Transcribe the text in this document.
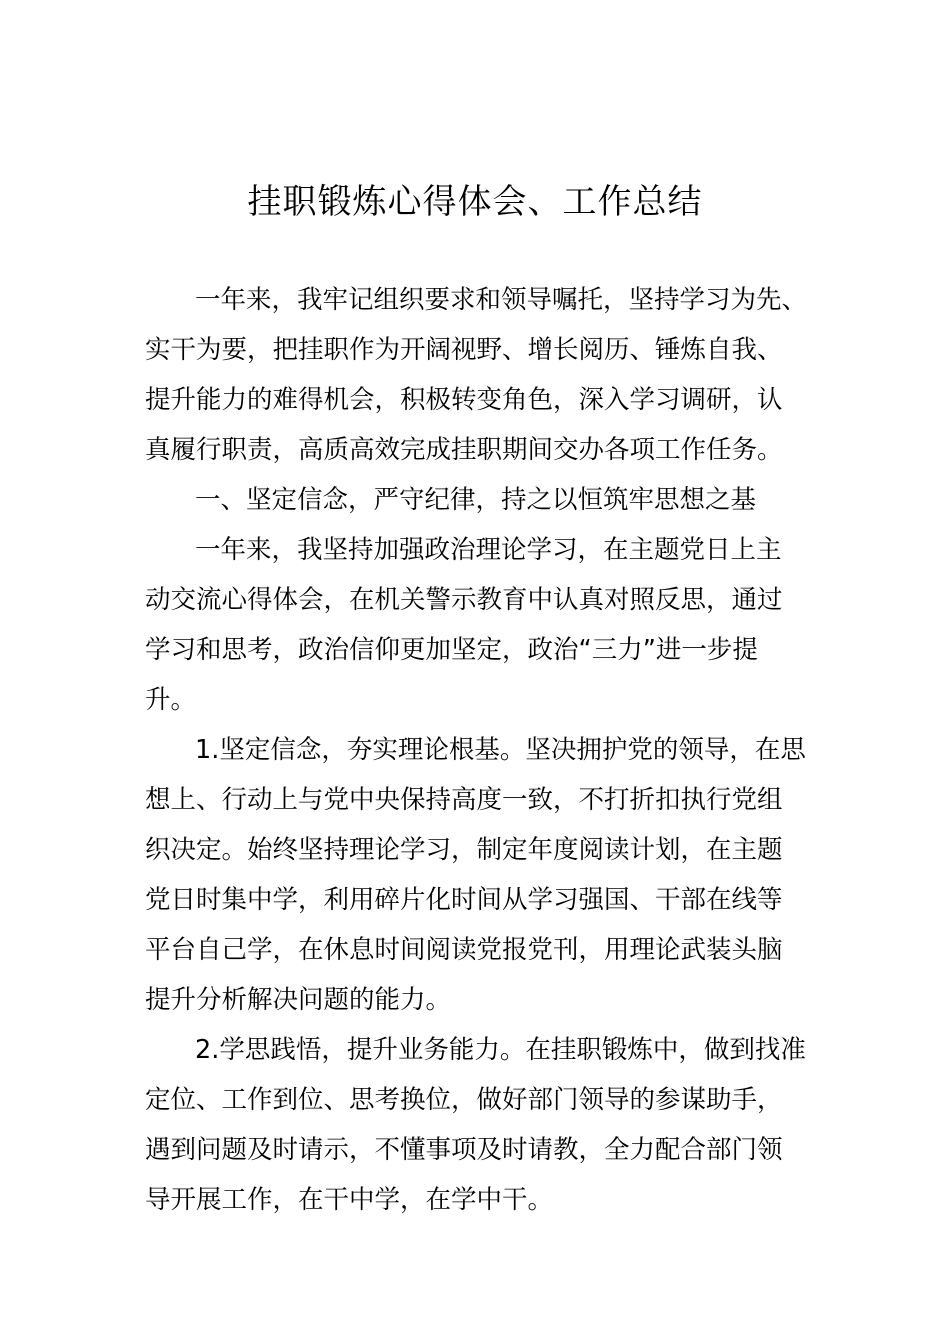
挂职锻炼心得体会、工作总结
一年来，我牢记组织要求和领导嘱托，坚持学习为先、
实干为要，把挂职作为开阔视野、增长阅历、锤炼自我、
提升能力的难得机会，积极转变角色，深入学习调研，认
真履行职责，高质高效完成挂职期间交办各项工作任务。
一、坚定信念，严守纪律，持之以恒筑牢思想之基
一年来，我坚持加强政治理论学习，在主题党日上主
动交流心得体会，在机关警示教育中认真对照反思，通过
学习和思考，政治信仰更加坚定，政治“三力”进一步提
升。
1.坚定信念，夯实理论根基。坚决拥护党的领导，在思
想上、行动上与党中央保持高度一致，不打折扣执行党组
织决定。始终坚持理论学习，制定年度阅读计划，在主题
党日时集中学，利用碎片化时间从学习强国、干部在线等
平台自己学，在休息时间阅读党报党刊，用理论武装头脑
提升分析解决问题的能力。
2.学思践悟，提升业务能力。在挂职锻炼中，做到找准
定位、工作到位、思考换位，做好部门领导的参谋助手，
遇到问题及时请示，不懂事项及时请教，全力配合部门领
导开展工作，在干中学，在学中干。
